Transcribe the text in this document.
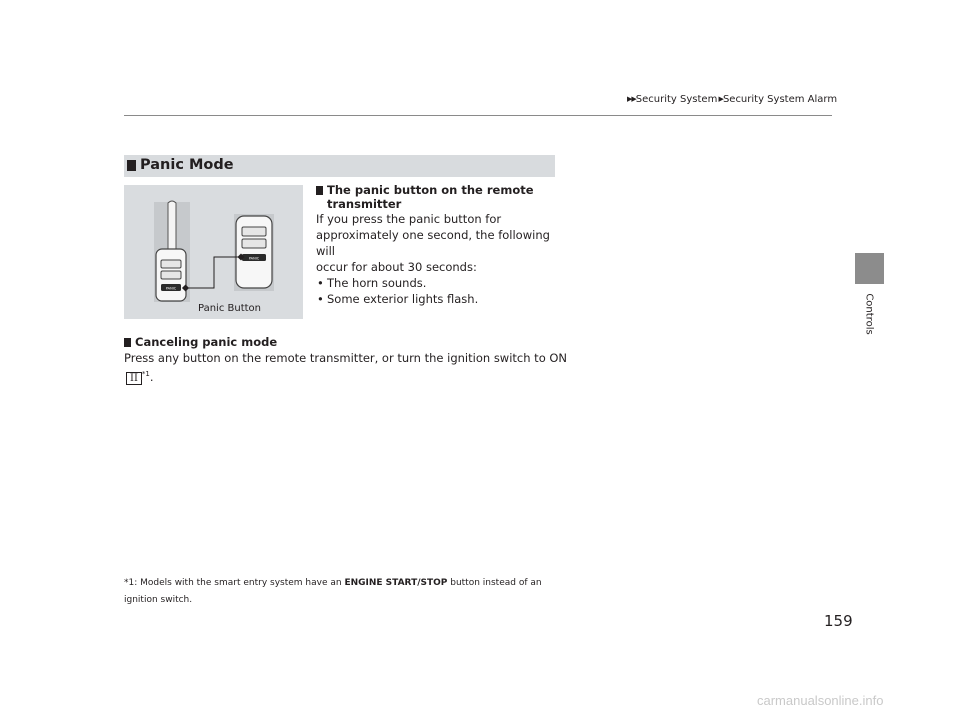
▶▶Security System ▶Security System Alarm
Controls
Panic Mode
PANIC
PANIC
Panic Button
The panic button on the remote
transmitter

If you press the panic button for

approximately one second, the following will

occur for about 30 seconds:

• The horn sounds.
• Some exterior lights flash.
Canceling panic mode
Press any button on the remote transmitter, or turn the ignition switch to ON II $^{*1}$.
*1: Models with the smart entry system have an ENGINE START/STOP button instead of an
ignition switch.
159
carmanualsonline.info
